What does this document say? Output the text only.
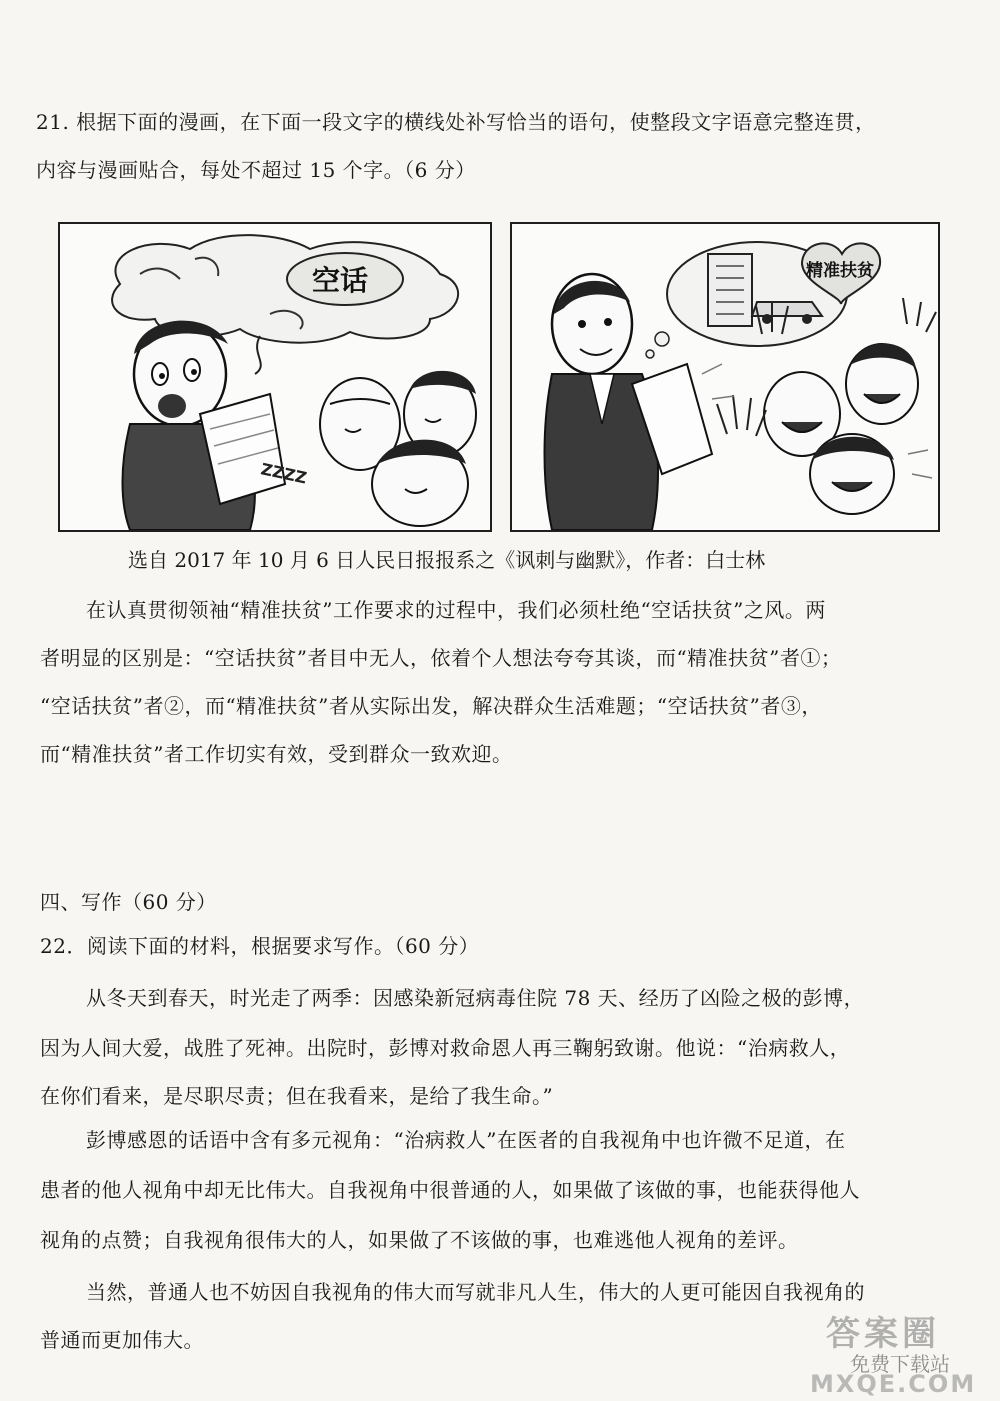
21. 根据下面的漫画，在下面一段文字的横线处补写恰当的语句，使整段文字语意完整连贯，
内容与漫画贴合，每处不超过 15 个字。（6 分）
空话
ZZZZ
精准扶贫
选自 2017 年 10 月 6 日人民日报报系之《讽刺与幽默》，作者：白士林
在认真贯彻领袖“精准扶贫”工作要求的过程中，我们必须杜绝“空话扶贫”之风。两
者明显的区别是：“空话扶贫”者目中无人，依着个人想法夸夸其谈，而“精准扶贫”者①；
“空话扶贫”者②，而“精准扶贫”者从实际出发，解决群众生活难题；“空话扶贫”者③，
而“精准扶贫”者工作切实有效，受到群众一致欢迎。
四、写作（60 分）
22．阅读下面的材料，根据要求写作。（60 分）
从冬天到春天，时光走了两季：因感染新冠病毒住院 78 天、经历了凶险之极的彭博，
因为人间大爱，战胜了死神。出院时，彭博对救命恩人再三鞠躬致谢。他说：“治病救人，
在你们看来，是尽职尽责；但在我看来，是给了我生命。”
彭博感恩的话语中含有多元视角：“治病救人”在医者的自我视角中也许微不足道，在
患者的他人视角中却无比伟大。自我视角中很普通的人，如果做了该做的事，也能获得他人
视角的点赞；自我视角很伟大的人，如果做了不该做的事，也难逃他人视角的差评。
当然，普通人也不妨因自我视角的伟大而写就非凡人生，伟大的人更可能因自我视角的
普通而更加伟大。	答案圈
免费下载站
MXQE.COM
